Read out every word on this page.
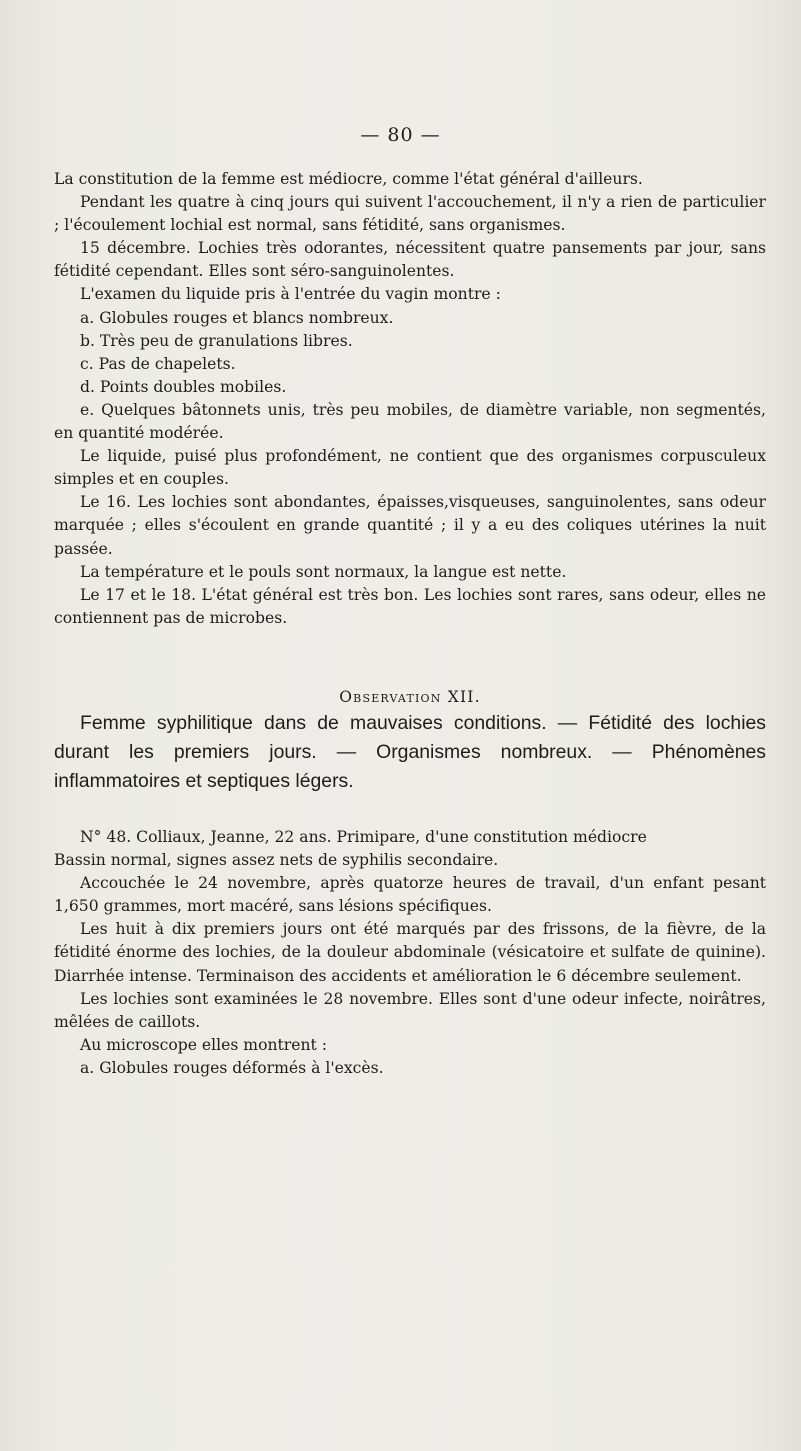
— 80 —

La constitution de la femme est médiocre, comme l'état général d'ailleurs.

Pendant les quatre à cinq jours qui suivent l'accouchement, il n'y a rien de particulier ; l'écoulement lochial est normal, sans fétidité, sans organismes.

15 décembre. Lochies très odorantes, nécessitent quatre pansements par jour, sans fétidité cependant. Elles sont séro-sanguinolentes.

L'examen du liquide pris à l'entrée du vagin montre :

a. Globules rouges et blancs nombreux.

b. Très peu de granulations libres.

c. Pas de chapelets.

d. Points doubles mobiles.

e. Quelques bâtonnets unis, très peu mobiles, de diamètre variable, non segmentés, en quantité modérée.

Le liquide, puisé plus profondément, ne contient que des organismes corpusculeux simples et en couples.

Le 16. Les lochies sont abondantes, épaisses,visqueuses, sanguinolentes, sans odeur marquée ; elles s'écoulent en grande quantité ; il y a eu des coliques utérines la nuit passée.

La température et le pouls sont normaux, la langue est nette.

Le 17 et le 18. L'état général est très bon. Les lochies sont rares, sans odeur, elles ne contiennent pas de microbes.

Observation XII.

Femme syphilitique dans de mauvaises conditions. — Fétidité des lochies durant les premiers jours. — Organismes nombreux. — Phénomènes inflammatoires et septiques légers.

N° 48. Colliaux, Jeanne, 22 ans. Primipare, d'une constitution médiocre

Bassin normal, signes assez nets de syphilis secondaire.

Accouchée le 24 novembre, après quatorze heures de travail, d'un enfant pesant 1,650 grammes, mort macéré, sans lésions spécifiques.

Les huit à dix premiers jours ont été marqués par des frissons, de la fièvre, de la fétidité énorme des lochies, de la douleur abdominale (vésicatoire et sulfate de quinine). Diarrhée intense. Terminaison des accidents et amélioration le 6 décembre seulement.

Les lochies sont examinées le 28 novembre. Elles sont d'une odeur infecte, noirâtres, mêlées de caillots.

Au microscope elles montrent :

a. Globules rouges déformés à l'excès.
